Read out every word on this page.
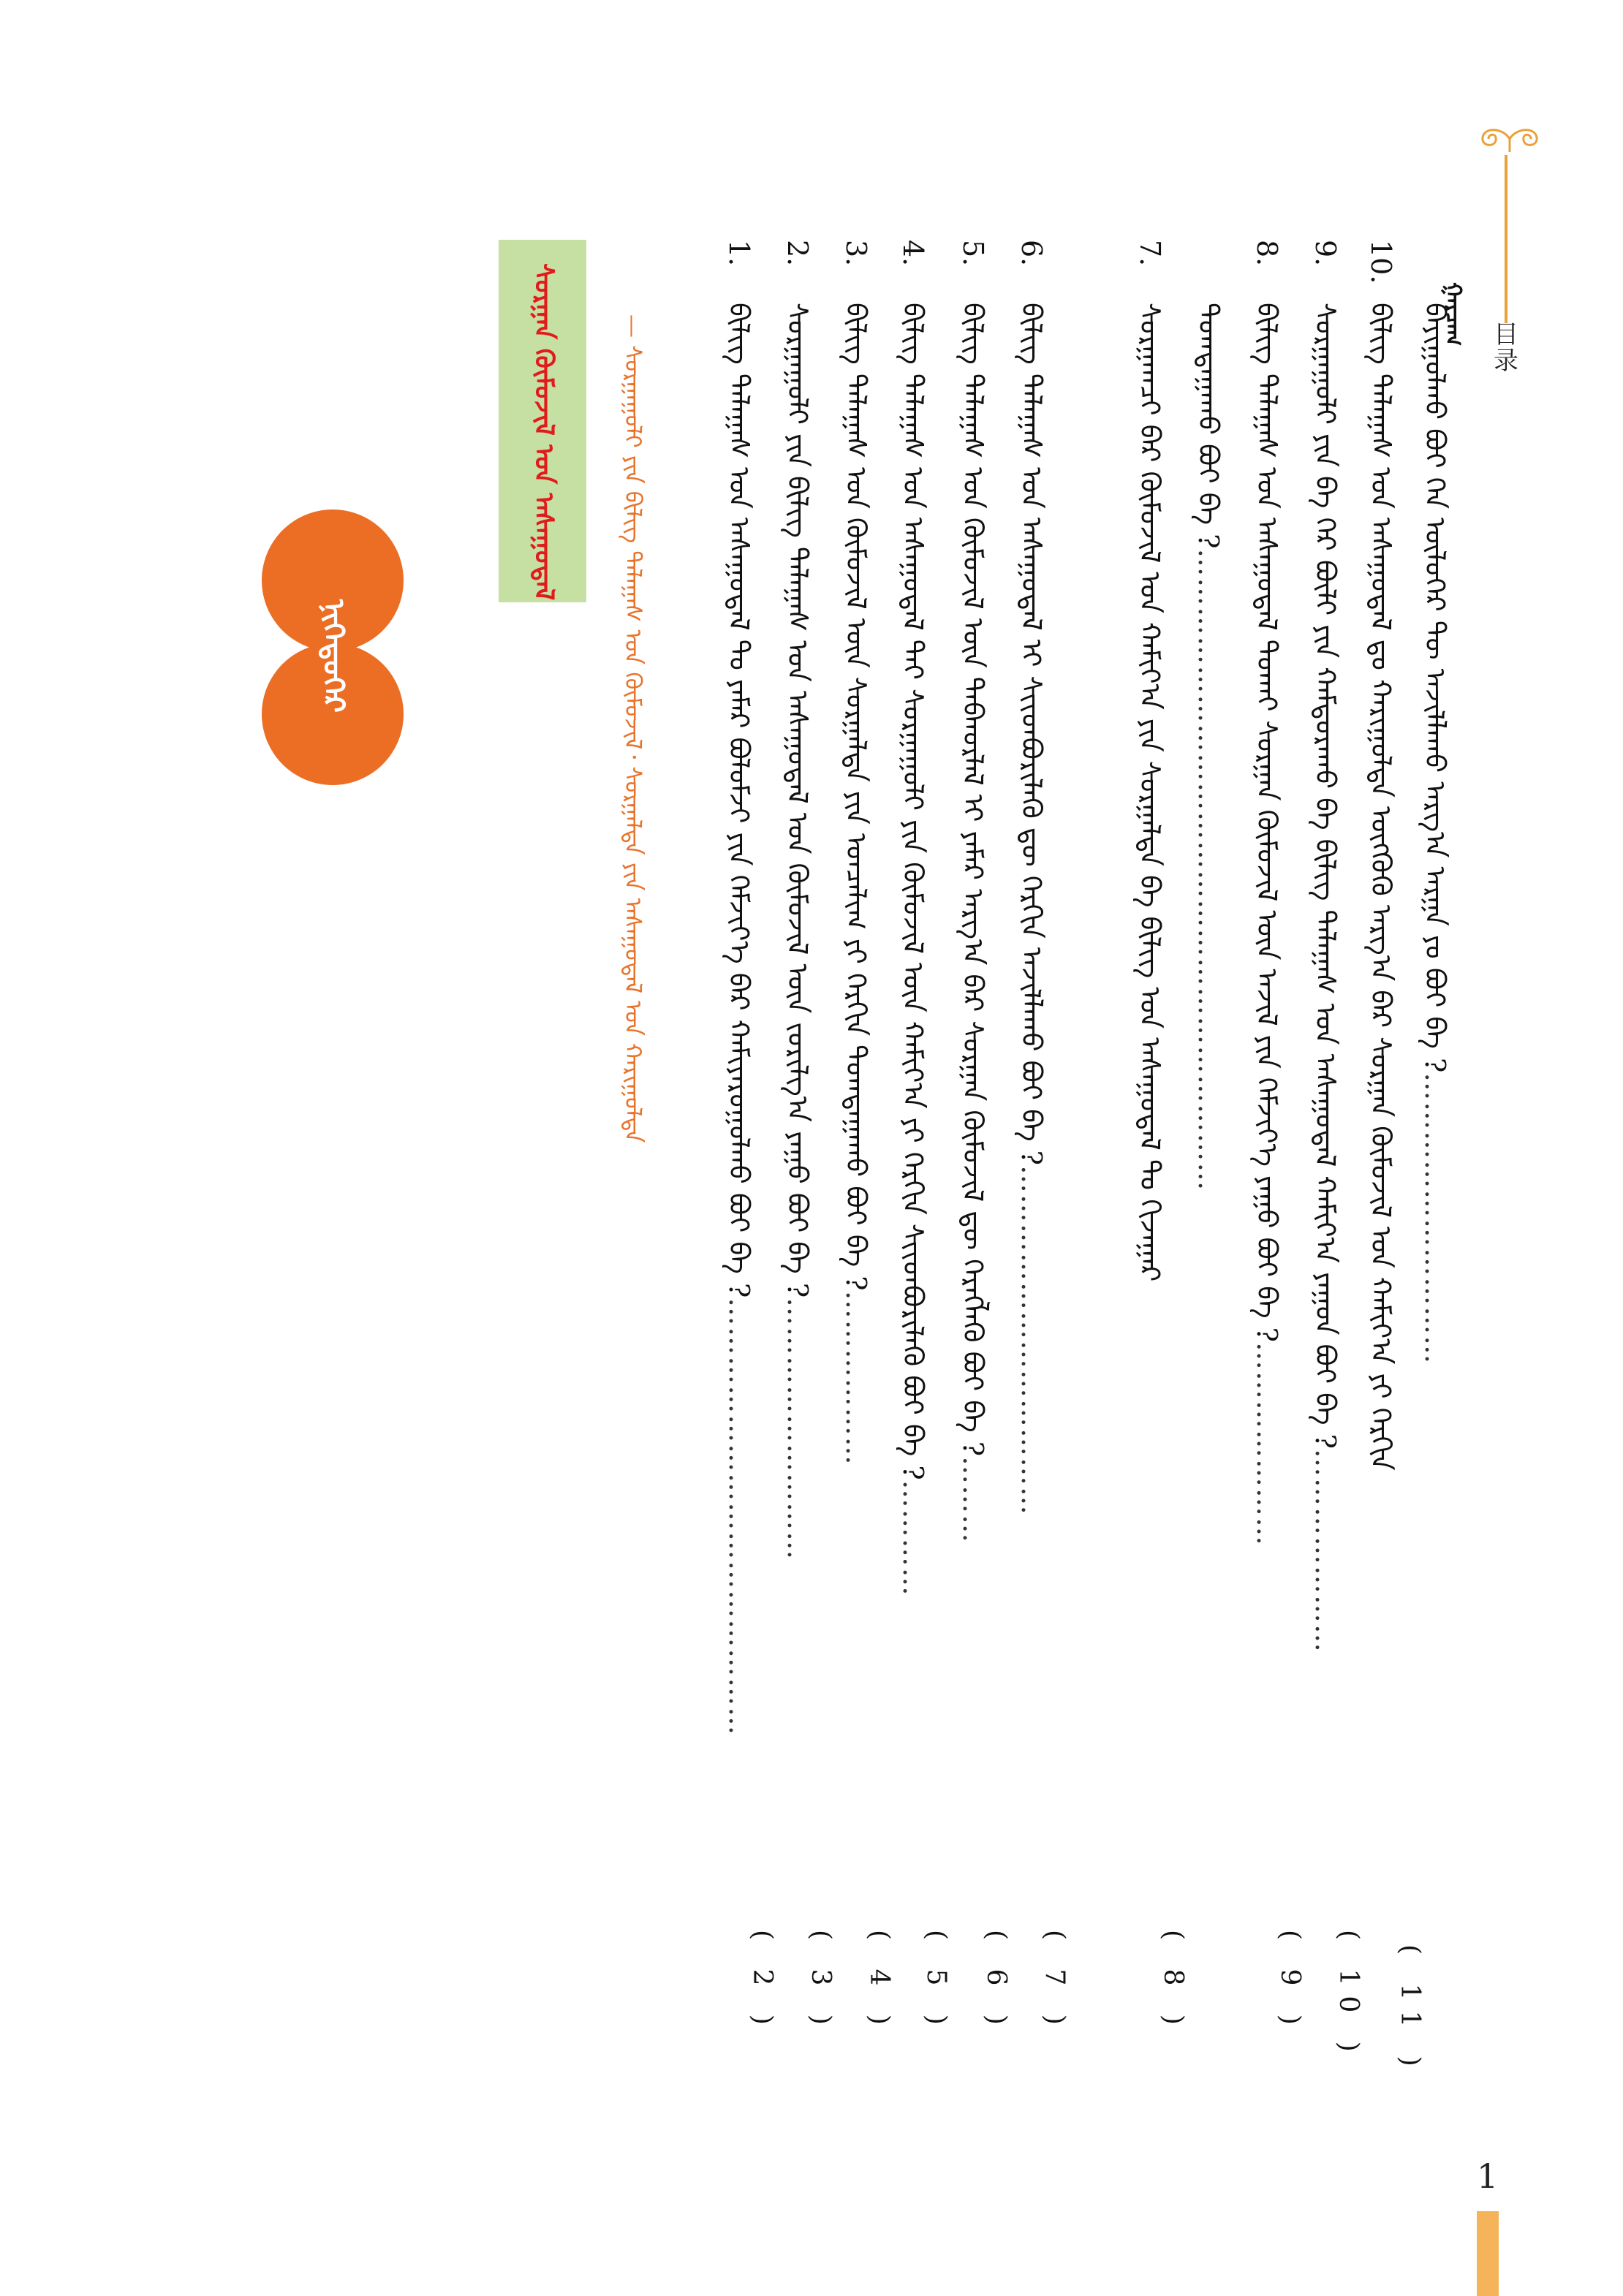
目录
ᠭᠠᠷᠴᠠᠭ
10.ᠪᠢᠯᠢᠭ ᠲᠠᠯᠠᠭᠠᠰ ᠤᠨ ᠠᠰᠠᠭᠤᠳᠠᠯ ᠳᠤ ᠬᠠᠷᠢᠭᠤᠯᠲᠠ ᠦᠭᠭᠦᠬᠦ ᠠᠷᠭ᠎ᠠ ᠪᠠᠷ ᠰᠤᠷᠭᠠᠨ ᠬᠦᠮᠦᠵᠢᠯ ᠤᠨ ᠬᠠᠮᠢᠶ᠎ᠠ ᠶᠢ ᠬᠡᠷᠬᠢᠨ ᠪᠠᠶᠢᠭᠤᠯᠬᠤ ᠪᠤᠢ ᠬᠡᠨ ᠦᠯᠦᠭᠡᠷ ᠲᠦ ᠠᠵᠢᠯᠯᠠᠬᠤ ᠠᠷᠭ᠎ᠠ ᠠᠷᠭᠠ ᠶᠤ ᠪᠤᠢ ᠪᠠ ?…………………………
( 11 )
9.ᠰᠤᠷᠭᠠᠭᠤᠯᠢ ᠶᠢᠨ ᠪᠠ ᠭᠡᠷ ᠪᠦᠯᠢ ᠶᠢᠨ ᠬᠠᠮᠲᠤᠷᠠᠬᠤ ᠪᠠ ᠪᠢᠯᠢᠭ ᠲᠠᠯᠠᠭᠠᠰ ᠤᠨ ᠠᠰᠠᠭᠤᠳᠠᠯ ᠬᠠᠮᠢᠶ᠎ᠠ ᠶᠠᠭᠤᠨ ᠪᠤᠢ ᠪᠠ ?…………………
( 10 )
8.ᠪᠢᠯᠢᠭ ᠲᠠᠯᠠᠭᠠᠰ ᠤᠨ ᠠᠰᠠᠭᠤᠳᠠᠯ ᠲᠤᠬᠠᠢ ᠰᠤᠷᠭᠠᠨ ᠬᠦᠮᠦᠵᠢᠯ ᠦᠨ ᠠᠵᠢᠯ ᠶᠢᠨ ᠬᠡᠮᠵᠢᠶ᠎ᠡ ᠶᠠᠭᠤ ᠪᠤᠢ ᠪᠠ ?…………………
( 9 )
7.ᠰᠤᠷᠭᠠᠭᠴᠢ ᠪᠠᠷ ᠬᠦᠮᠦᠵᠢᠯ ᠤᠨ ᠬᠠᠮᠢᠶ᠎ᠠ ᠶᠢᠨ ᠰᠤᠷᠭᠠᠯᠲᠠ ᠪᠠ ᠪᠢᠯᠢᠭ ᠤᠨ ᠠᠰᠠᠭᠤᠳᠠᠯ ᠲᠤ ᠬᠢᠵᠠᠭᠠᠷ ᠲᠣᠭᠲᠠᠭᠠᠬᠤ ᠪᠤᠢ ᠪᠠ ?…………………………………………………………
( 8 )
6.ᠪᠢᠯᠢᠭ ᠲᠠᠯᠠᠭᠠᠰ ᠤᠨ ᠠᠰᠠᠭᠤᠳᠠᠯ ᠢ ᠰᠢᠢᠳᠪᠦᠷᠢᠯᠡᠬᠦ ᠳᠦ ᠬᠡᠷᠬᠢᠨ ᠠᠵᠢᠯᠯᠠᠬᠤ ᠪᠤᠢ ᠪᠠ ?………………………………
( 7 )
5.ᠪᠢᠯᠢᠭ ᠲᠠᠯᠠᠭᠠᠰ ᠤᠨ ᠬᠦᠮᠦᠵᠢᠯ ᠦᠨ ᠳᠠᠪᠬᠤᠷᠯᠠᠯ ᠢ ᠶᠠᠮᠠᠷ ᠠᠷᠭ᠎ᠠ ᠪᠠᠷ ᠰᠤᠷᠭᠠᠨ ᠬᠦᠮᠦᠵᠢᠯ ᠳᠦ ᠬᠡᠷᠡᠭᠯᠡᠬᠦ ᠪᠤᠢ ᠪᠠ ?………
( 6 )
4.ᠪᠢᠯᠢᠭ ᠲᠠᠯᠠᠭᠠᠰ ᠤᠨ ᠠᠰᠠᠭᠤᠳᠠᠯ ᠲᠠᠢ ᠰᠤᠷᠭᠠᠭᠤᠯᠢ ᠶᠢᠨ ᠬᠦᠮᠦᠵᠢᠯ ᠦᠨ ᠬᠠᠮᠢᠶ᠎ᠠ ᠶᠢ ᠬᠡᠷᠬᠢᠨ ᠰᠢᠢᠳᠪᠦᠷᠢᠯᠡᠬᠦ ᠪᠤᠢ ᠪᠠ ?…………
( 5 )
3.ᠪᠢᠯᠢᠭ ᠲᠠᠯᠠᠭᠠᠰ ᠤᠨ ᠬᠦᠮᠦᠵᠢᠯ ᠦᠨ ᠰᠤᠷᠭᠠᠯᠲᠠ ᠶᠢᠨ ᠣᠨᠴᠠᠯᠢᠭ ᠶᠢ ᠬᠡᠷᠬᠢᠨ ᠲᠣᠭᠲᠠᠭᠠᠬᠤ ᠪᠤᠢ ᠪᠠ ?………………
( 4 )
2.ᠰᠤᠷᠭᠠᠭᠤᠯᠢ ᠶᠢᠨ ᠪᠢᠯᠢᠭ ᠲᠠᠯᠠᠭᠠᠰ ᠤᠨ ᠠᠰᠠᠭᠤᠳᠠᠯ ᠤᠨ ᠬᠦᠮᠦᠵᠢᠯ ᠦᠨ ᠵᠣᠷᠢᠯᠭ᠎ᠠ ᠶᠠᠭᠤ ᠪᠤᠢ ᠪᠠ ?………………………
( 3 )
1.ᠪᠢᠯᠢᠭ ᠲᠠᠯᠠᠭᠠᠰ ᠤᠨ ᠠᠰᠠᠭᠤᠳᠠᠯ ᠲᠤ ᠶᠠᠮᠠᠷ ᠪᠣᠯᠤᠮᠵᠢ ᠶᠢᠨ ᠬᠡᠮᠵᠢᠶ᠎ᠡ ᠪᠠᠷ ᠬᠠᠮᠢᠶᠠᠷᠤᠭᠤᠯᠬᠤ ᠪᠤᠢ ᠪᠠ ?………………………………………
( 2 )
ᠰᠤᠷᠭᠠᠨ ᠬᠦᠮᠦᠵᠢᠯ ᠤᠨ ᠠᠰᠠᠭᠤᠳᠠᠯ	— ᠰᠤᠷᠭᠠᠭᠤᠯᠢ ᠶᠢᠨ ᠪᠢᠯᠢᠭ ᠲᠠᠯᠠᠭᠠᠰ ᠤᠨ ᠬᠦᠮᠦᠵᠢᠯ᠂ ᠰᠤᠷᠭᠠᠯᠲᠠ ᠶᠢᠨ ᠠᠰᠠᠭᠤᠳᠠᠯ ᠤᠨ ᠬᠠᠷᠢᠭᠤᠯᠲᠠ
ᠨᠢᠭᠡᠳᠦᠭᠡᠷ
1
